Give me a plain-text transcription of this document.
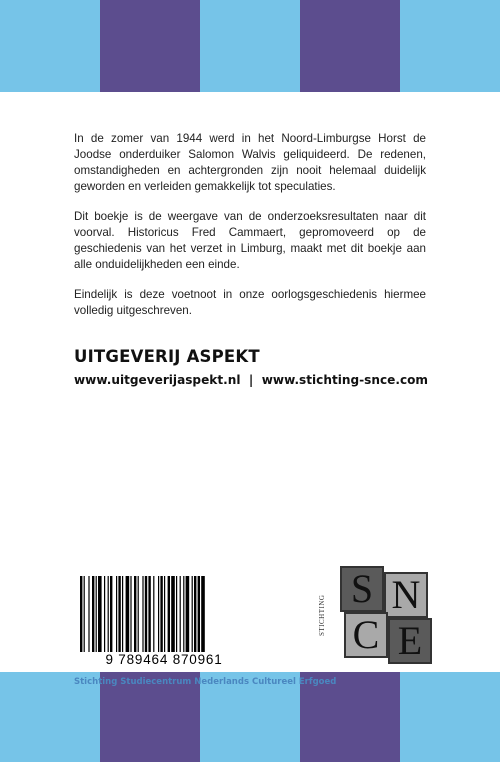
In de zomer van 1944 werd in het Noord-Limburgse Horst de Joodse onderduiker Salomon Walvis geliquideerd. De redenen, omstandigheden en achtergronden zijn nooit helemaal duidelijk geworden en verleiden gemakkelijk tot speculaties.

Dit boekje is de weergave van de onderzoeksresultaten naar dit voorval. Historicus Fred Cammaert, gepromoveerd op de geschiedenis van het verzet in Limburg, maakt met dit boekje aan alle onduidelijkheden een einde.

Eindelijk is deze voetnoot in onze oorlogsgeschiedenis hiermee volledig uitgeschreven.

UITGEVERIJ ASPEKT
www.uitgeverijaspekt.nl  |  www.stichting-snce.com
9 789464 870961
STICHTING
S N
C E
Stichting Studiecentrum Nederlands Cultureel Erfgoed
